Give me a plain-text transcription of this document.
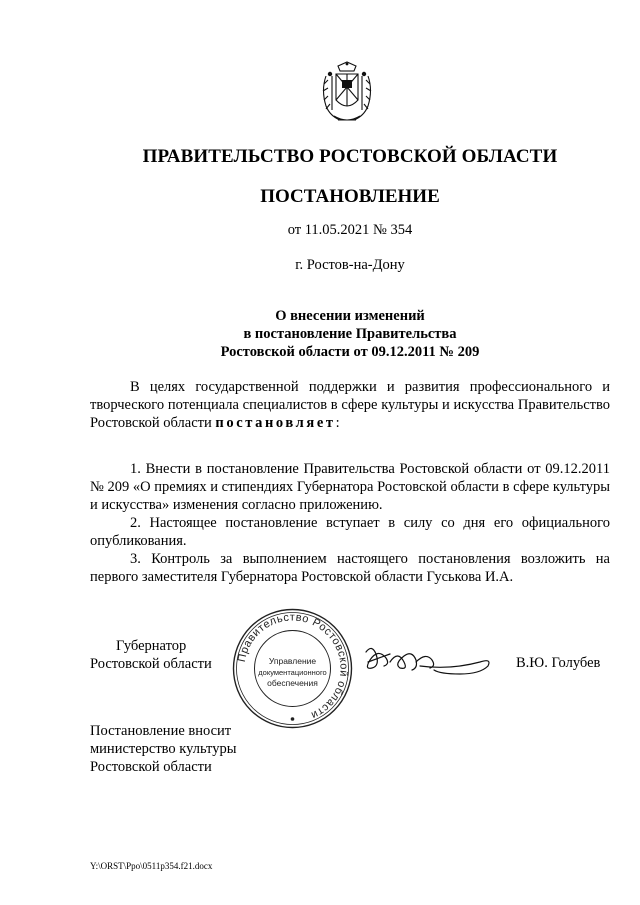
ПРАВИТЕЛЬСТВО РОСТОВСКОЙ ОБЛАСТИ
ПОСТАНОВЛЕНИЕ
от 11.05.2021 № 354
г. Ростов-на-Дону
О внесении изменений
в постановление Правительства
Ростовской области от 09.12.2011 № 209

В целях государственной поддержки и развития профессионального и творческого потенциала специалистов в сфере культуры и искусства Правительство Ростовской области постановляет:

1. Внести в постановление Правительства Ростовской области от 09.12.2011 № 209 «О премиях и стипендиях Губернатора Ростовской области в сфере культуры и искусства» изменения согласно приложению.

2. Настоящее постановление вступает в силу со дня его официального опубликования.

3. Контроль за выполнением настоящего постановления возложить на первого заместителя Губернатора Ростовской области Гуськова И.А.

Губернатор
Ростовской области Правительство Ростовской области
Управление
документационного
обеспечения
В.Ю. Голубев
Постановление вносит
министерство культуры
Ростовской области
Y:\ORST\Ppo\0511p354.f21.docx
